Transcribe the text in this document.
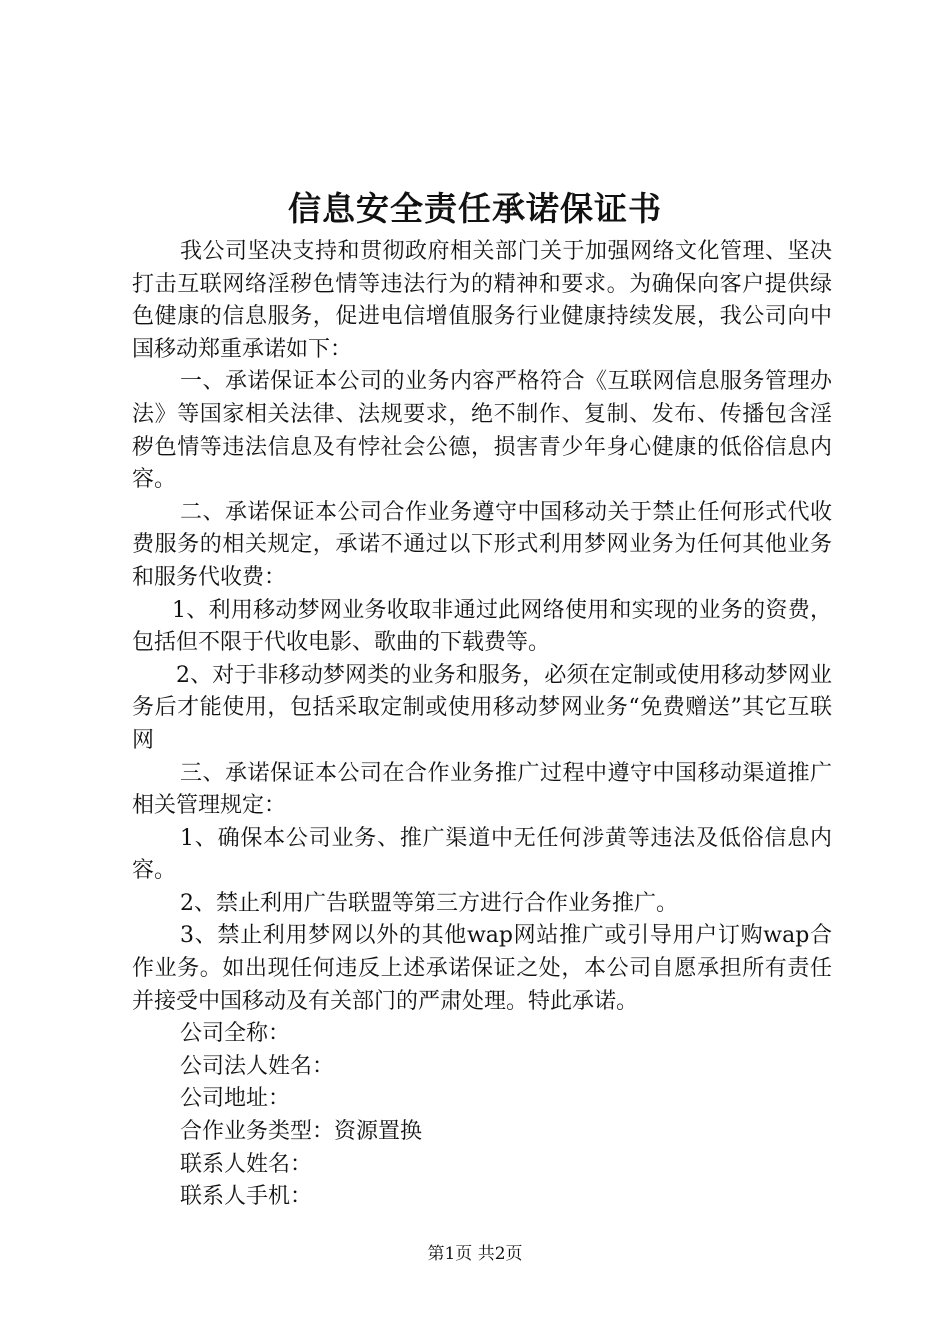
信息安全责任承诺保证书

我公司坚决支持和贯彻政府相关部门关于加强网络文化管理、坚决打击互联网络淫秽色情等违法行为的精神和要求。为确保向客户提供绿色健康的信息服务，促进电信增值服务行业健康持续发展，我公司向中国移动郑重承诺如下：

一、承诺保证本公司的业务内容严格符合《互联网信息服务管理办法》等国家相关法律、法规要求，绝不制作、复制、发布、传播包含淫秽色情等违法信息及有悖社会公德，损害青少年身心健康的低俗信息内容。

二、承诺保证本公司合作业务遵守中国移动关于禁止任何形式代收费服务的相关规定，承诺不通过以下形式利用梦网业务为任何其他业务和服务代收费：

1、利用移动梦网业务收取非通过此网络使用和实现的业务的资费，包括但不限于代收电影、歌曲的下载费等。

2、对于非移动梦网类的业务和服务，必须在定制或使用移动梦网业务后才能使用，包括采取定制或使用移动梦网业务“免费赠送”其它互联网

三、承诺保证本公司在合作业务推广过程中遵守中国移动渠道推广相关管理规定：

1、确保本公司业务、推广渠道中无任何涉黄等违法及低俗信息内容。

2、禁止利用广告联盟等第三方进行合作业务推广。

3、禁止利用梦网以外的其他wap网站推广或引导用户订购wap合作业务。如出现任何违反上述承诺保证之处，本公司自愿承担所有责任并接受中国移动及有关部门的严肃处理。特此承诺。

公司全称：

公司法人姓名：

公司地址：

合作业务类型：资源置换

联系人姓名：

联系人手机：

第1页 共2页
